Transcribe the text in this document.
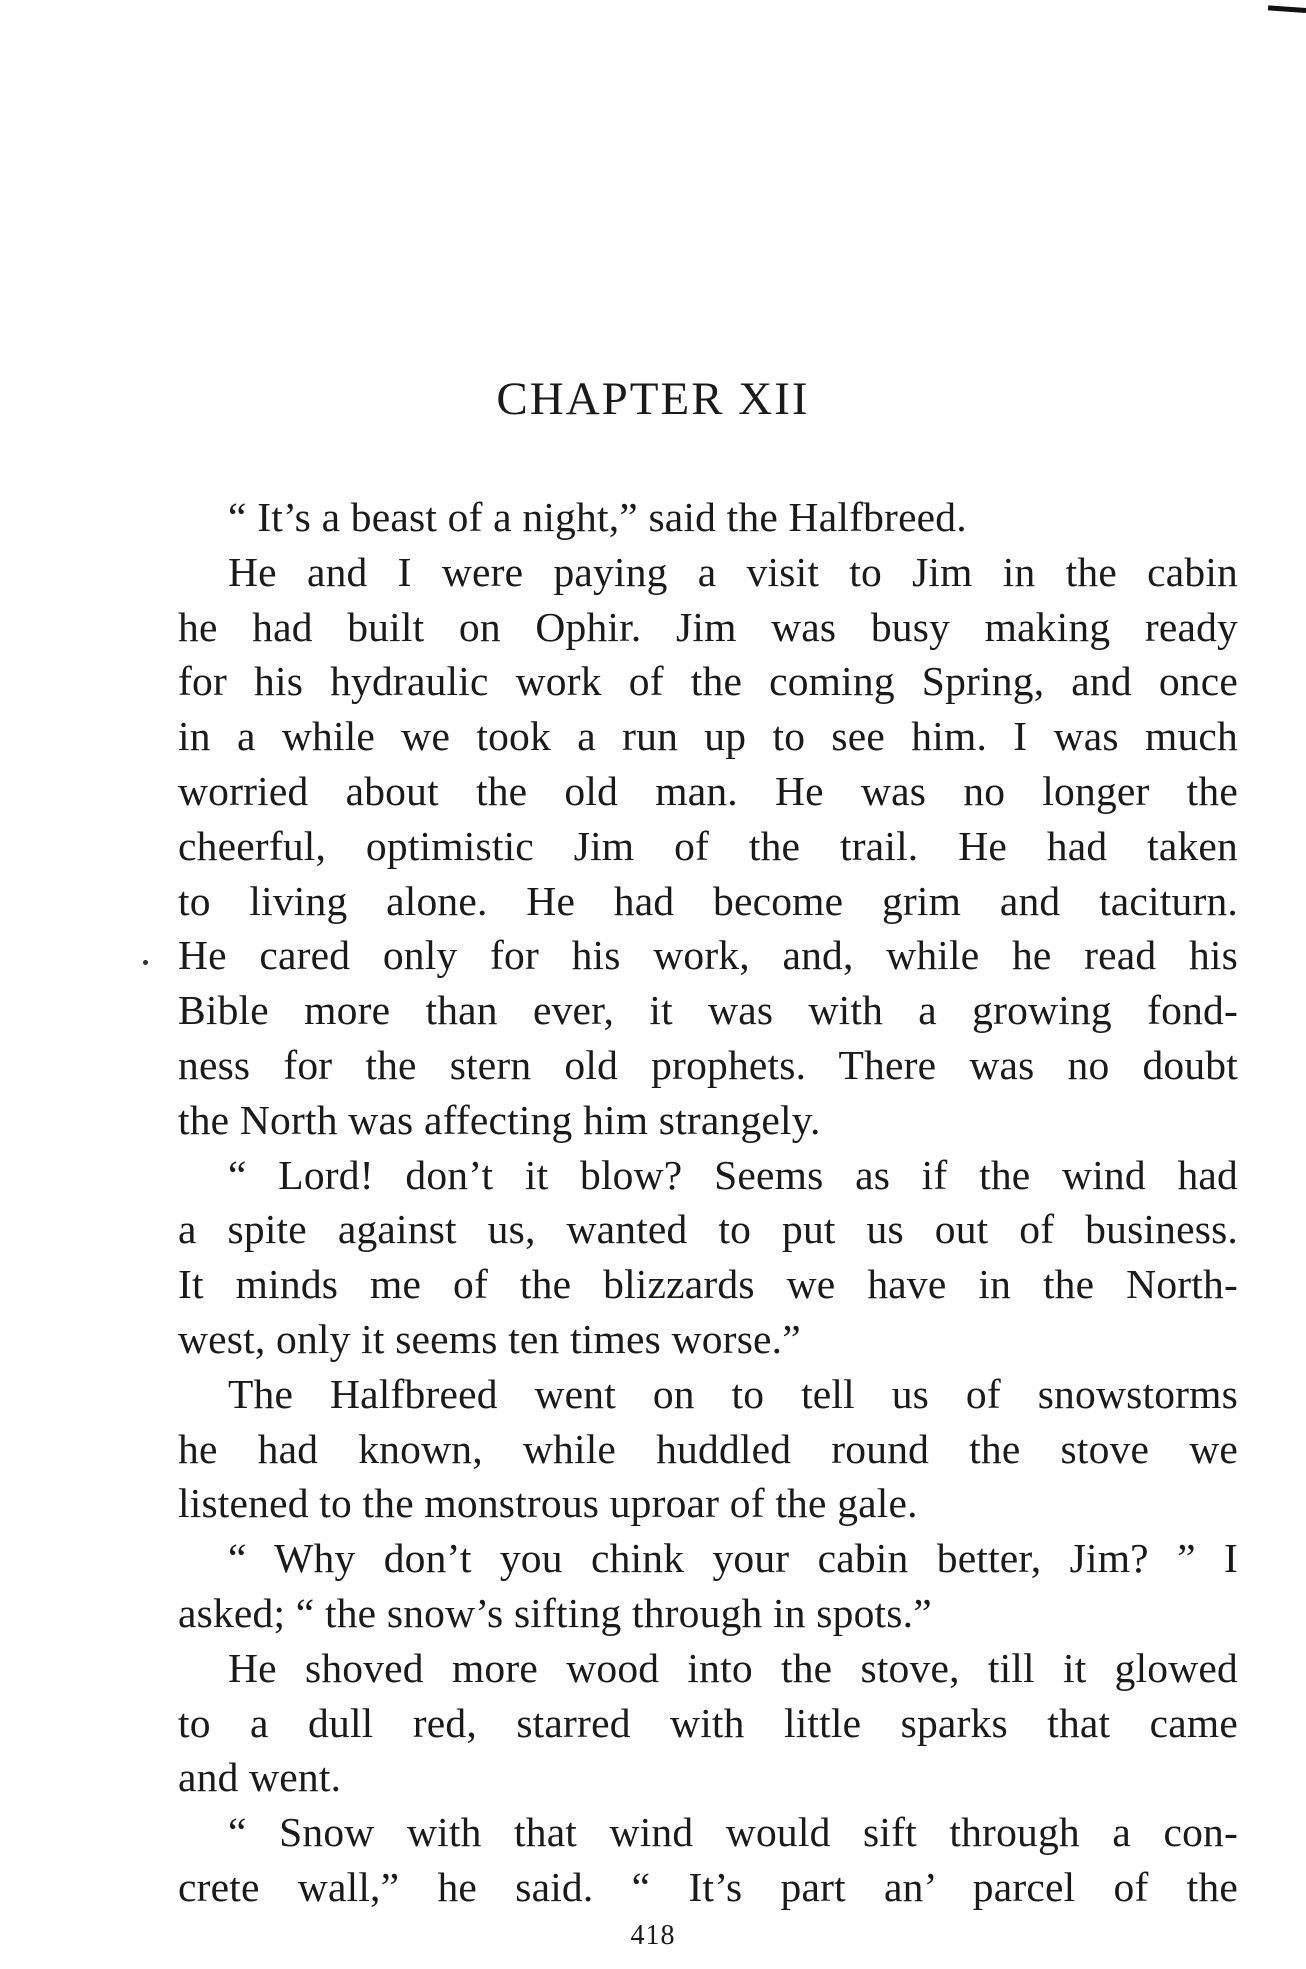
CHAPTER XII
“ It’s a beast of a night,” said the Halfbreed.
He and I were paying a visit to Jim in the cabin
he had built on Ophir. Jim was busy making ready
for his hydraulic work of the coming Spring, and once
in a while we took a run up to see him. I was much
worried about the old man. He was no longer the
cheerful, optimistic Jim of the trail. He had taken
to living alone. He had become grim and taciturn.
He cared only for his work, and, while he read his
Bible more than ever, it was with a growing fond-
ness for the stern old prophets. There was no doubt
the North was affecting him strangely.
“ Lord! don’t it blow? Seems as if the wind had
a spite against us, wanted to put us out of business.
It minds me of the blizzards we have in the North-
west, only it seems ten times worse.”
The Halfbreed went on to tell us of snowstorms
he had known, while huddled round the stove we
listened to the monstrous uproar of the gale.
“ Why don’t you chink your cabin better, Jim? ” I
asked; “ the snow’s sifting through in spots.”
He shoved more wood into the stove, till it glowed
to a dull red, starred with little sparks that came
and went.
“ Snow with that wind would sift through a con-
crete wall,” he said. “ It’s part an’ parcel of the
418
